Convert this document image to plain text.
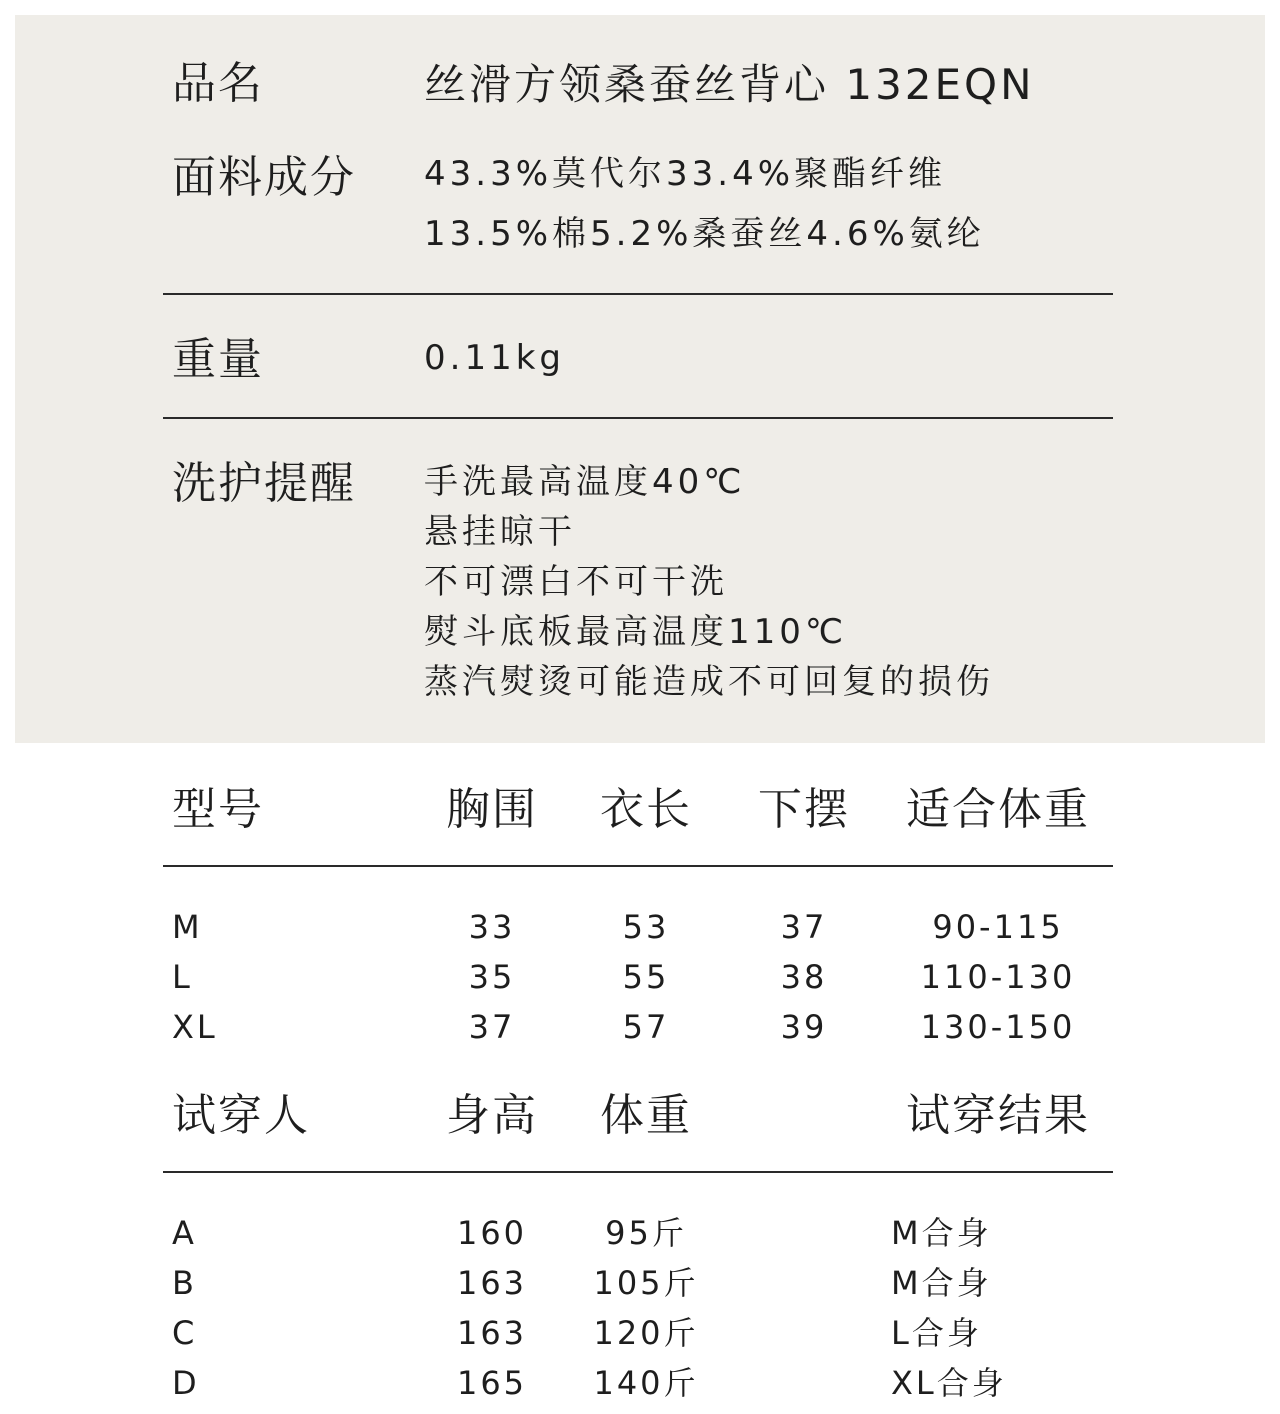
品名	丝滑方领桑蚕丝背心 132EQN
面料成分 43.3%莫代尔33.4%聚酯纤维
13.5%棉5.2%桑蚕丝4.6%氨纶
重量	0.11kg
洗护提醒 手洗最高温度40℃
悬挂晾干
不可漂白不可干洗
熨斗底板最高温度110℃
蒸汽熨烫可能造成不可回复的损伤
型号	胸围 衣长 下摆 适合体重
M	33	53	37	90-115
L	35	55	38	110-130
XL	37	57	39	130-150
试穿人	身高 体重	试穿结果
A	160 95斤	M合身
B	163 105斤	M合身
C	163 120斤	L合身
D	165 140斤	XL合身
